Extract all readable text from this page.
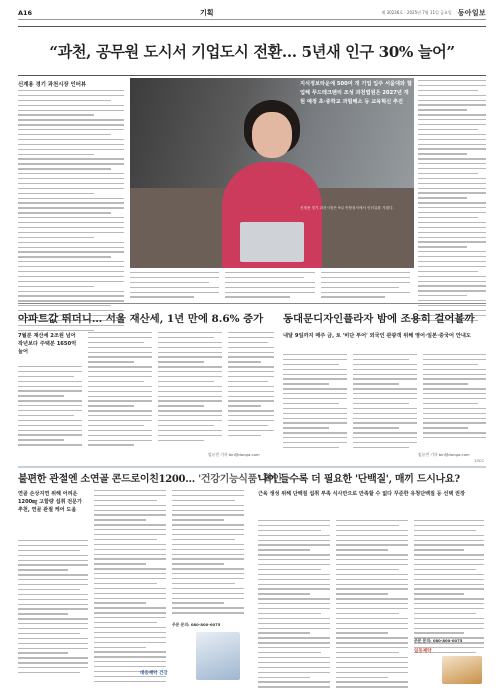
A16	기획	제 30236호 · 2025년 7월 11일 금요일 동아일보
“과천, 공무원 도시서 기업도시 전환… 5년새 인구 30% 늘어”
신계용 경기 과천시장 인터뷰	지식정보타운에 500여 개 기업 입주 서울대와 협업해 푸드테크밴리 조성 과천법원은 2027년 개원 예정 초·중학교 과밀해소 등 교육혁신 추진
신계용 경기 과천시장은 9일 종합청사에서 인터뷰를 가졌다.
아파트값 뛰더니… 서울 재산세, 1년 만에 8.6% 증가 동대문디자인플라자 밤에 조용히 걸어볼까
7월분 재산세 2조원 넘어 작년보다 주택분 1650억 늘어
임유빈 기자 bin@donga.com
내달 9일까지 매주 금, 토 '비단 투어' 외국인 관광객 위해 영어·일본·중국어 안내도
임유빈 기자 bin@donga.com
13CC
불편한 관절엔 소연골 콘드로이친1200… '건강기능식품' 확인
연골 손상지연 위해 어려운 1200㎎ 고함량 섭취 전문가 추천, 연골 관절 케어 도움
주문 문의: 080-800-0075
대웅제약 건강
나이 들수록 더 필요한 '단백질', 매끼 드시나요?
근육 생성 위해 단백질 섭취 부족 식사만으로 만족할 수 없다 꾸준한 유청단백질 등 선택 권장
주문 문의: 080-800-0075
일동제약
